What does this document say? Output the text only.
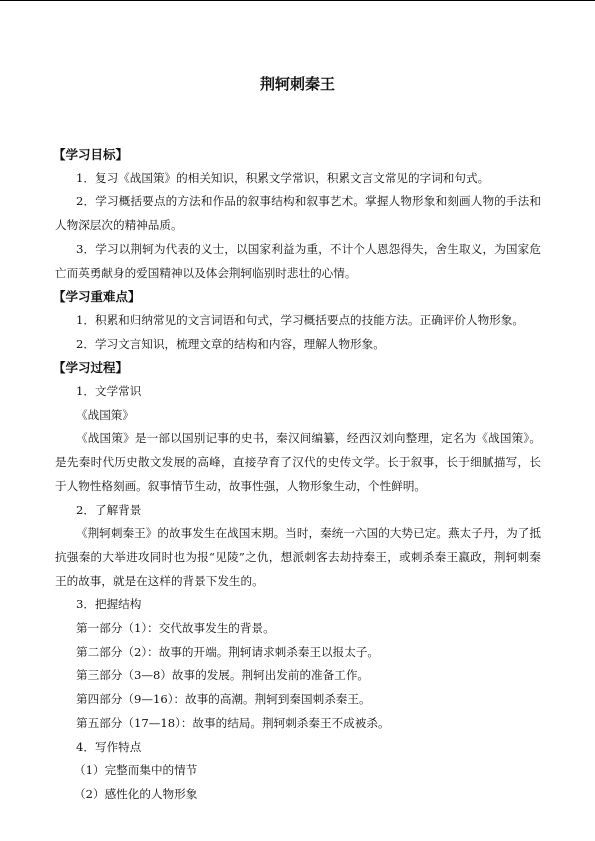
荆轲刺秦王
【学习目标】
1．复习《战国策》的相关知识，积累文学常识，积累文言文常见的字词和句式。
2．学习概括要点的方法和作品的叙事结构和叙事艺术。掌握人物形象和刻画人物的手法和人物深层次的精神品质。
3．学习以荆轲为代表的义士，以国家利益为重，不计个人恩怨得失，舍生取义，为国家危亡而英勇献身的爱国精神以及体会荆轲临别时悲壮的心情。
【学习重难点】
1．积累和归纳常见的文言词语和句式，学习概括要点的技能方法。正确评价人物形象。
2．学习文言知识，梳理文章的结构和内容，理解人物形象。
【学习过程】
1．文学常识
《战国策》
《战国策》是一部以国别记事的史书，秦汉间编纂，经西汉刘向整理，定名为《战国策》。是先秦时代历史散文发展的高峰，直接孕育了汉代的史传文学。长于叙事，长于细腻描写，长于人物性格刻画。叙事情节生动，故事性强，人物形象生动，个性鲜明。
2．了解背景
《荆轲刺秦王》的故事发生在战国末期。当时，秦统一六国的大势已定。燕太子丹，为了抵抗强秦的大举进攻同时也为报“见陵”之仇，想派刺客去劫持秦王，或刺杀秦王嬴政，荆轲刺秦王的故事，就是在这样的背景下发生的。
3．把握结构
第一部分（1）：交代故事发生的背景。
第二部分（2）：故事的开端。荆轲请求刺杀秦王以报太子。
第三部分（3—8）故事的发展。荆轲出发前的准备工作。
第四部分（9—16）：故事的高潮。荆轲到秦国刺杀秦王。
第五部分（17—18）：故事的结局。荆轲刺杀秦王不成被杀。
4．写作特点
（1）完整而集中的情节
（2）感性化的人物形象
